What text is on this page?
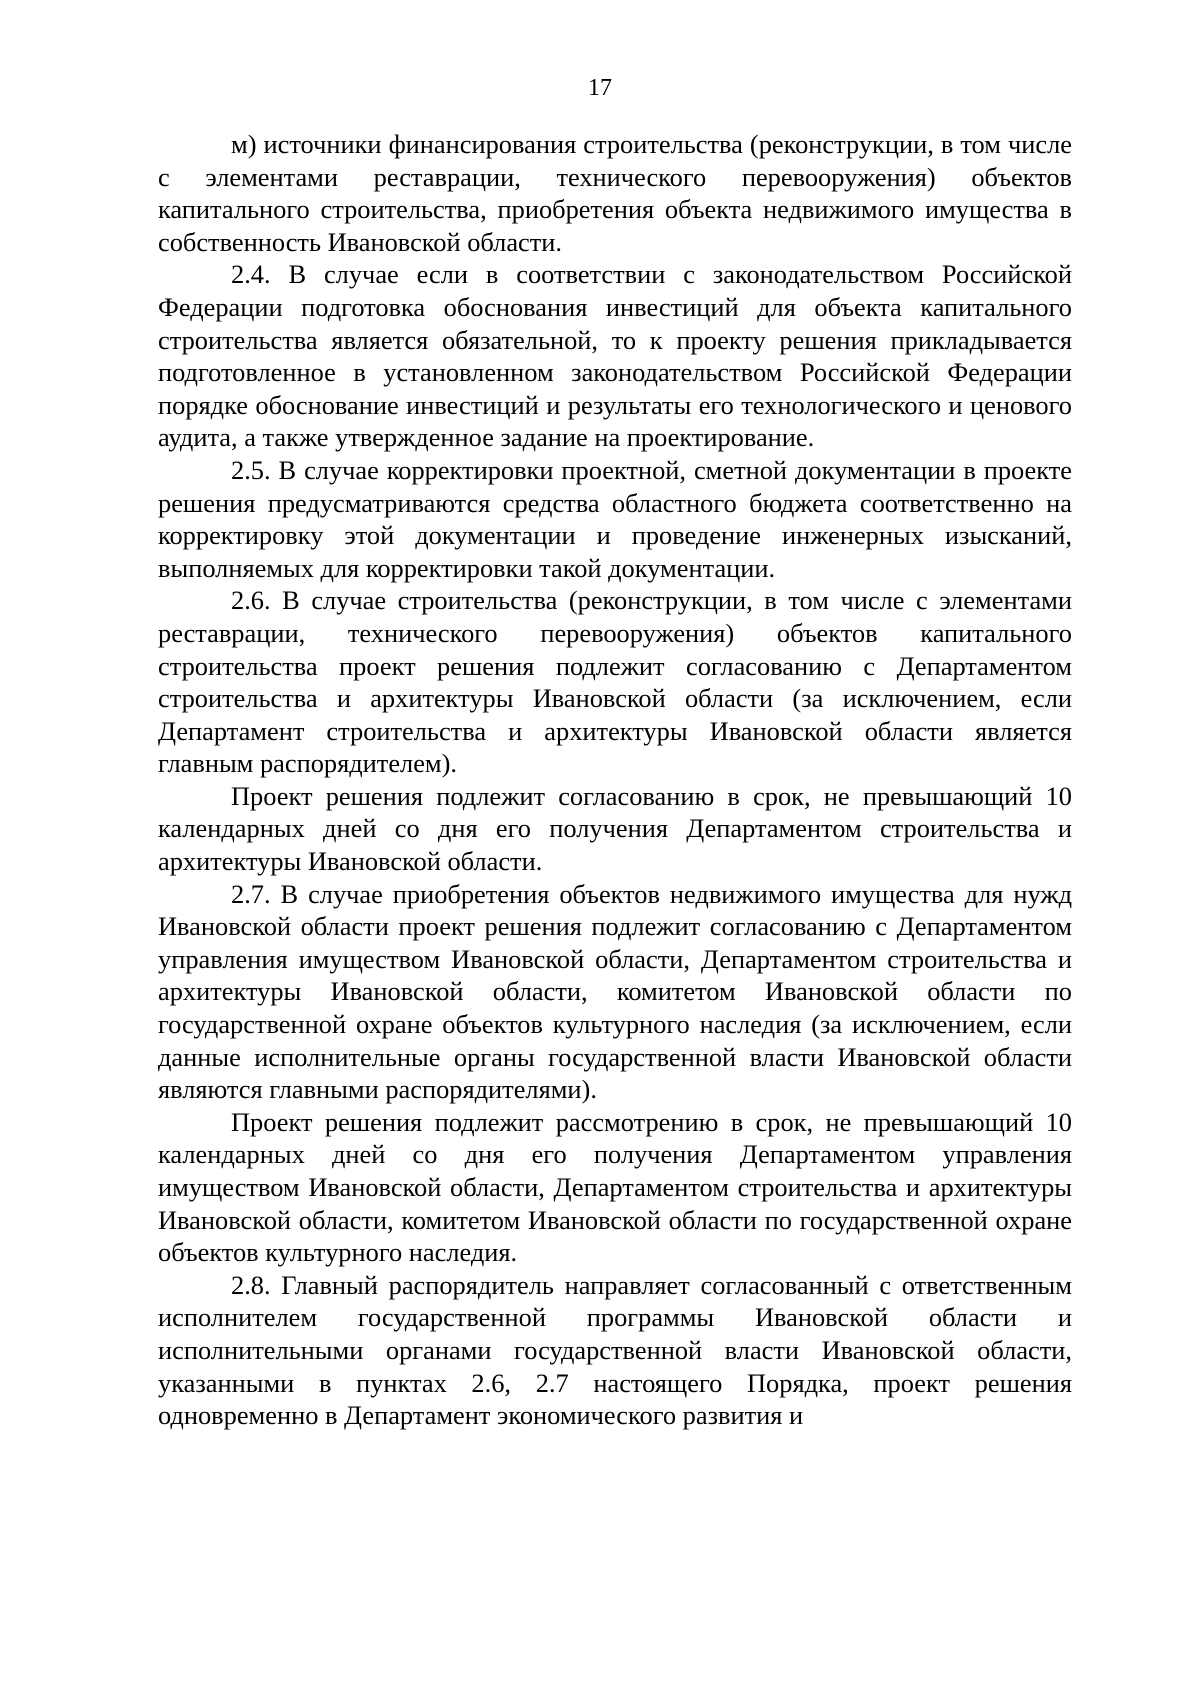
17

м) источники финансирования строительства (реконструкции, в том числе с элементами реставрации, технического перевооружения) объектов капитального строительства, приобретения объекта недвижимого имущества в собственность Ивановской области.

2.4. В случае если в соответствии с законодательством Российской Федерации подготовка обоснования инвестиций для объекта капитального строительства является обязательной, то к проекту решения прикладывается подготовленное в установленном законодательством Российской Федерации порядке обоснование инвестиций и результаты его технологического и ценового аудита, а также утвержденное задание на проектирование.

2.5. В случае корректировки проектной, сметной документации в проекте решения предусматриваются средства областного бюджета соответственно на корректировку этой документации и проведение инженерных изысканий, выполняемых для корректировки такой документации.

2.6. В случае строительства (реконструкции, в том числе с элементами реставрации, технического перевооружения) объектов капитального строительства проект решения подлежит согласованию с Департаментом строительства и архитектуры Ивановской области (за исключением, если Департамент строительства и архитектуры Ивановской области является главным распорядителем).

Проект решения подлежит согласованию в срок, не превышающий 10 календарных дней со дня его получения Департаментом строительства и архитектуры Ивановской области.

2.7. В случае приобретения объектов недвижимого имущества для нужд Ивановской области проект решения подлежит согласованию с Департаментом управления имуществом Ивановской области, Департаментом строительства и архитектуры Ивановской области, комитетом Ивановской области по государственной охране объектов культурного наследия (за исключением, если данные исполнительные органы государственной власти Ивановской области являются главными распорядителями).

Проект решения подлежит рассмотрению в срок, не превышающий 10 календарных дней со дня его получения Департаментом управления имуществом Ивановской области, Департаментом строительства и архитектуры Ивановской области, комитетом Ивановской области по государственной охране объектов культурного наследия.

2.8. Главный распорядитель направляет согласованный с ответственным исполнителем государственной программы Ивановской области и исполнительными органами государственной власти Ивановской области, указанными в пунктах 2.6, 2.7 настоящего Порядка, проект решения одновременно в Департамент экономического развития и
